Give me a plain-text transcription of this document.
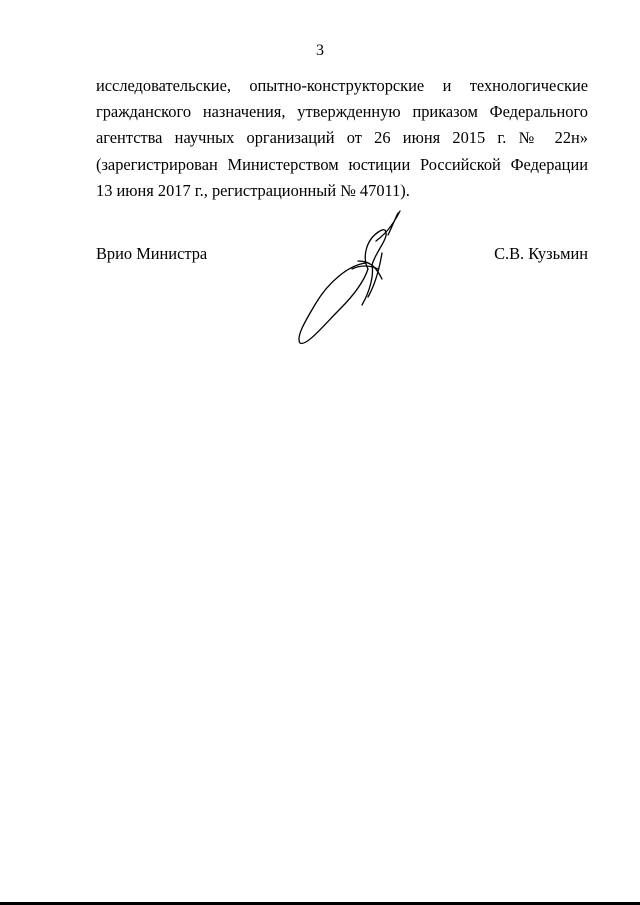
3
исследовательские, опытно-конструкторские и технологические
гражданского назначения, утвержденную приказом Федерального
агентства научных организаций от 26 июня 2015 г. № 22н»
(зарегистрирован Министерством юстиции Российской Федерации
13 июня 2017 г., регистрационный № 47011).
Врио Министра	С.В. Кузьмин
